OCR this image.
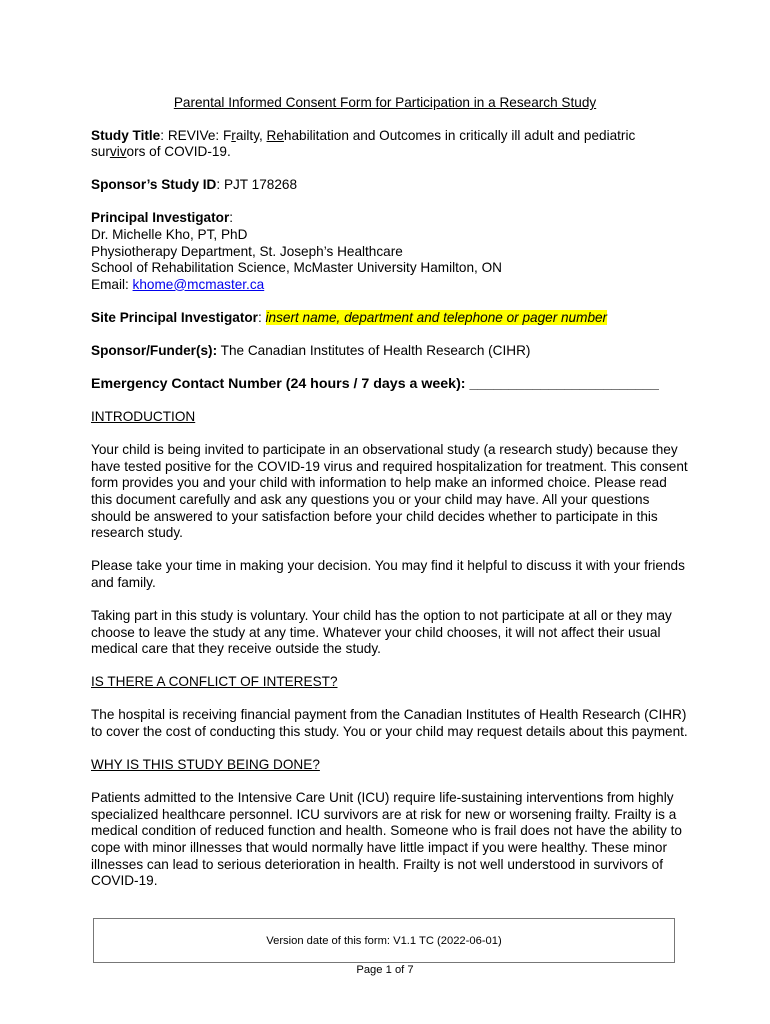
Parental Informed Consent Form for Participation in a Research Study

Study Title: REVIVe: Frailty, Rehabilitation and Outcomes in critically ill adult and pediatric survivors of COVID-19.

Sponsor’s Study ID: PJT 178268

Principal Investigator:
Dr. Michelle Kho, PT, PhD
Physiotherapy Department, St. Joseph’s Healthcare
School of Rehabilitation Science, McMaster University Hamilton, ON
Email: khome@mcmaster.ca

Site Principal Investigator: insert name, department and telephone or pager number

Sponsor/Funder(s): The Canadian Institutes of Health Research (CIHR)

Emergency Contact Number (24 hours / 7 days a week): ________________________

INTRODUCTION

Your child is being invited to participate in an observational study (a research study) because they have tested positive for the COVID-19 virus and required hospitalization for treatment. This consent form provides you and your child with information to help make an informed choice. Please read this document carefully and ask any questions you or your child may have. All your questions should be answered to your satisfaction before your child decides whether to participate in this research study.

Please take your time in making your decision. You may find it helpful to discuss it with your friends and family.

Taking part in this study is voluntary. Your child has the option to not participate at all or they may choose to leave the study at any time. Whatever your child chooses, it will not affect their usual medical care that they receive outside the study.

IS THERE A CONFLICT OF INTEREST?

The hospital is receiving financial payment from the Canadian Institutes of Health Research (CIHR) to cover the cost of conducting this study. You or your child may request details about this payment.

WHY IS THIS STUDY BEING DONE?

Patients admitted to the Intensive Care Unit (ICU) require life-sustaining interventions from highly specialized healthcare personnel. ICU survivors are at risk for new or worsening frailty. Frailty is a medical condition of reduced function and health. Someone who is frail does not have the ability to cope with minor illnesses that would normally have little impact if you were healthy. These minor illnesses can lead to serious deterioration in health. Frailty is not well understood in survivors of COVID-19.

Version date of this form: V1.1 TC (2022-06-01)
Page 1 of 7
